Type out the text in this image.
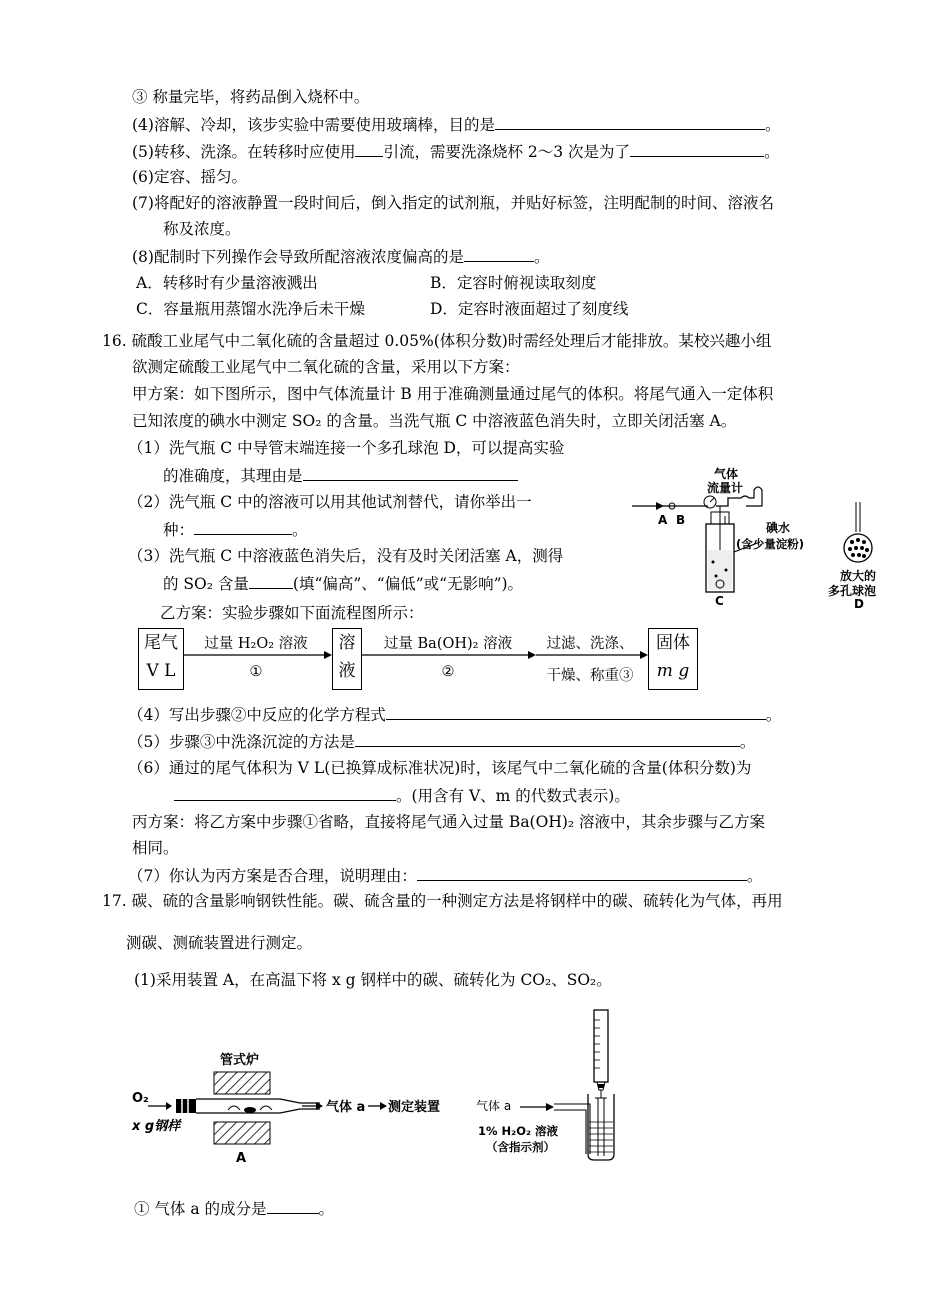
③ 称量完毕，将药品倒入烧杯中。
(4)溶解、冷却，该步实验中需要使用玻璃棒，目的是	。
(5)转移、洗涤。在转移时应使用 引流，需要洗涤烧杯 2～3 次是为了	。
(6)定容、摇匀。
(7)将配好的溶液静置一段时间后，倒入指定的试剂瓶，并贴好标签，注明配制的时间、溶液名
称及浓度。
(8)配制时下列操作会导致所配溶液浓度偏高的是	。
A．转移时有少量溶液溅出	B．定容时俯视读取刻度
C．容量瓶用蒸馏水洗净后未干燥	D．定容时液面超过了刻度线
16. 硫酸工业尾气中二氧化硫的含量超过 0.05%(体积分数)时需经处理后才能排放。某校兴趣小组
欲测定硫酸工业尾气中二氧化硫的含量，采用以下方案：
甲方案：如下图所示，图中气体流量计 B 用于准确测量通过尾气的体积。将尾气通入一定体积
已知浓度的碘水中测定 SO₂ 的含量。当洗气瓶 C 中溶液蓝色消失时，立即关闭活塞 A。
（1）洗气瓶 C 中导管末端连接一个多孔球泡 D，可以提高实验
的准确度，其理由是
（2）洗气瓶 C 中的溶液可以用其他试剂替代，请你举出一
种：	。
（3）洗气瓶 C 中溶液蓝色消失后，没有及时关闭活塞 A，测得
的 SO₂ 含量	(填“偏高”、“偏低”或“无影响”)。
气体
流量计
A B
C
碘水
(含少量淀粉)
放大的
多孔球泡
D
乙方案：实验步骤如下面流程图所示：
尾气
V L
过量 H₂O₂ 溶液
①
溶
液
过量 Ba(OH)₂ 溶液
②
过滤、洗涤、
干燥、称重③
固体
m g
（4）写出步骤②中反应的化学方程式	。
（5）步骤③中洗涤沉淀的方法是	。
（6）通过的尾气体积为 V L(已换算成标准状况)时，该尾气中二氧化硫的含量(体积分数)为
。(用含有 V、m 的代数式表示)。
丙方案：将乙方案中步骤①省略，直接将尾气通入过量 Ba(OH)₂ 溶液中，其余步骤与乙方案
相同。
（7）你认为丙方案是否合理，说明理由：	。
17. 碳、硫的含量影响钢铁性能。碳、硫含量的一种测定方法是将钢样中的碳、硫转化为气体，再用
测碳、测硫装置进行测定。
(1)采用装置 A，在高温下将 x g 钢样中的碳、硫转化为 CO₂、SO₂。
管式炉
O₂
气体 a 测定装置
x g钢样
A
气体 a
1% H₂O₂ 溶液
（含指示剂）
① 气体 a 的成分是	。
